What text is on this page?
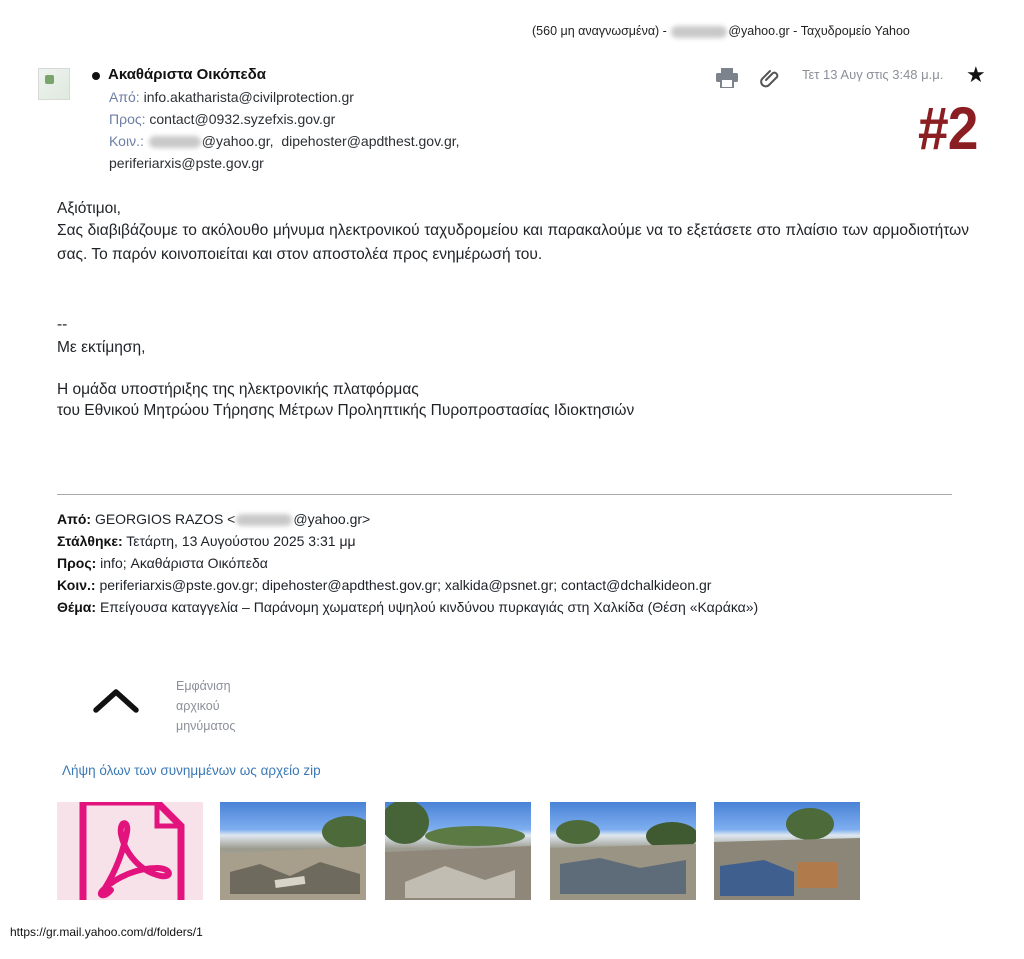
(560 μη αναγνωσμένα) -	@yahoo.gr - Ταχυδρομείο Yahoo
Ακαθάριστα Οικόπεδα
Από: info.akatharista@civilprotection.gr
Προς: contact@0932.syzefxis.gov.gr
Κοιν.:	@yahoo.gr, dipehoster@apdthest.gov.gr,
periferiarxis@pste.gov.gr
Τετ 13 Αυγ στις 3:48 μ.μ. ★
#2
Αξιότιμοι,
Σας διαβιβάζουμε το ακόλουθο μήνυμα ηλεκτρονικού ταχυδρομείου και παρακαλούμε να το εξετάσετε στο πλαίσιο των αρμοδιοτήτων σας. Το παρόν κοινοποιείται και στον αποστολέα προς ενημέρωσή του.
--
Με εκτίμηση,
Η ομάδα υποστήριξης της ηλεκτρονικής πλατφόρμας
του Εθνικού Μητρώου Τήρησης Μέτρων Προληπτικής Πυροπροστασίας Ιδιοκτησιών
Από: GEORGIOS RAZOS <	@yahoo.gr>
Στάλθηκε: Τετάρτη, 13 Αυγούστου 2025 3:31 μμ
Προς: info; Ακαθάριστα Οικόπεδα
Κοιν.: periferiarxis@pste.gov.gr; dipehoster@apdthest.gov.gr; xalkida@psnet.gr; contact@dchalkideon.gr
Θέμα: Επείγουσα καταγγελία – Παράνομη χωματερή υψηλού κινδύνου πυρκαγιάς στη Χαλκίδα (Θέση «Καράκα»)
Εμφάνιση
αρχικού
μηνύματος
Λήψη όλων των συνημμένων ως αρχείο zip
https://gr.mail.yahoo.com/d/folders/1
